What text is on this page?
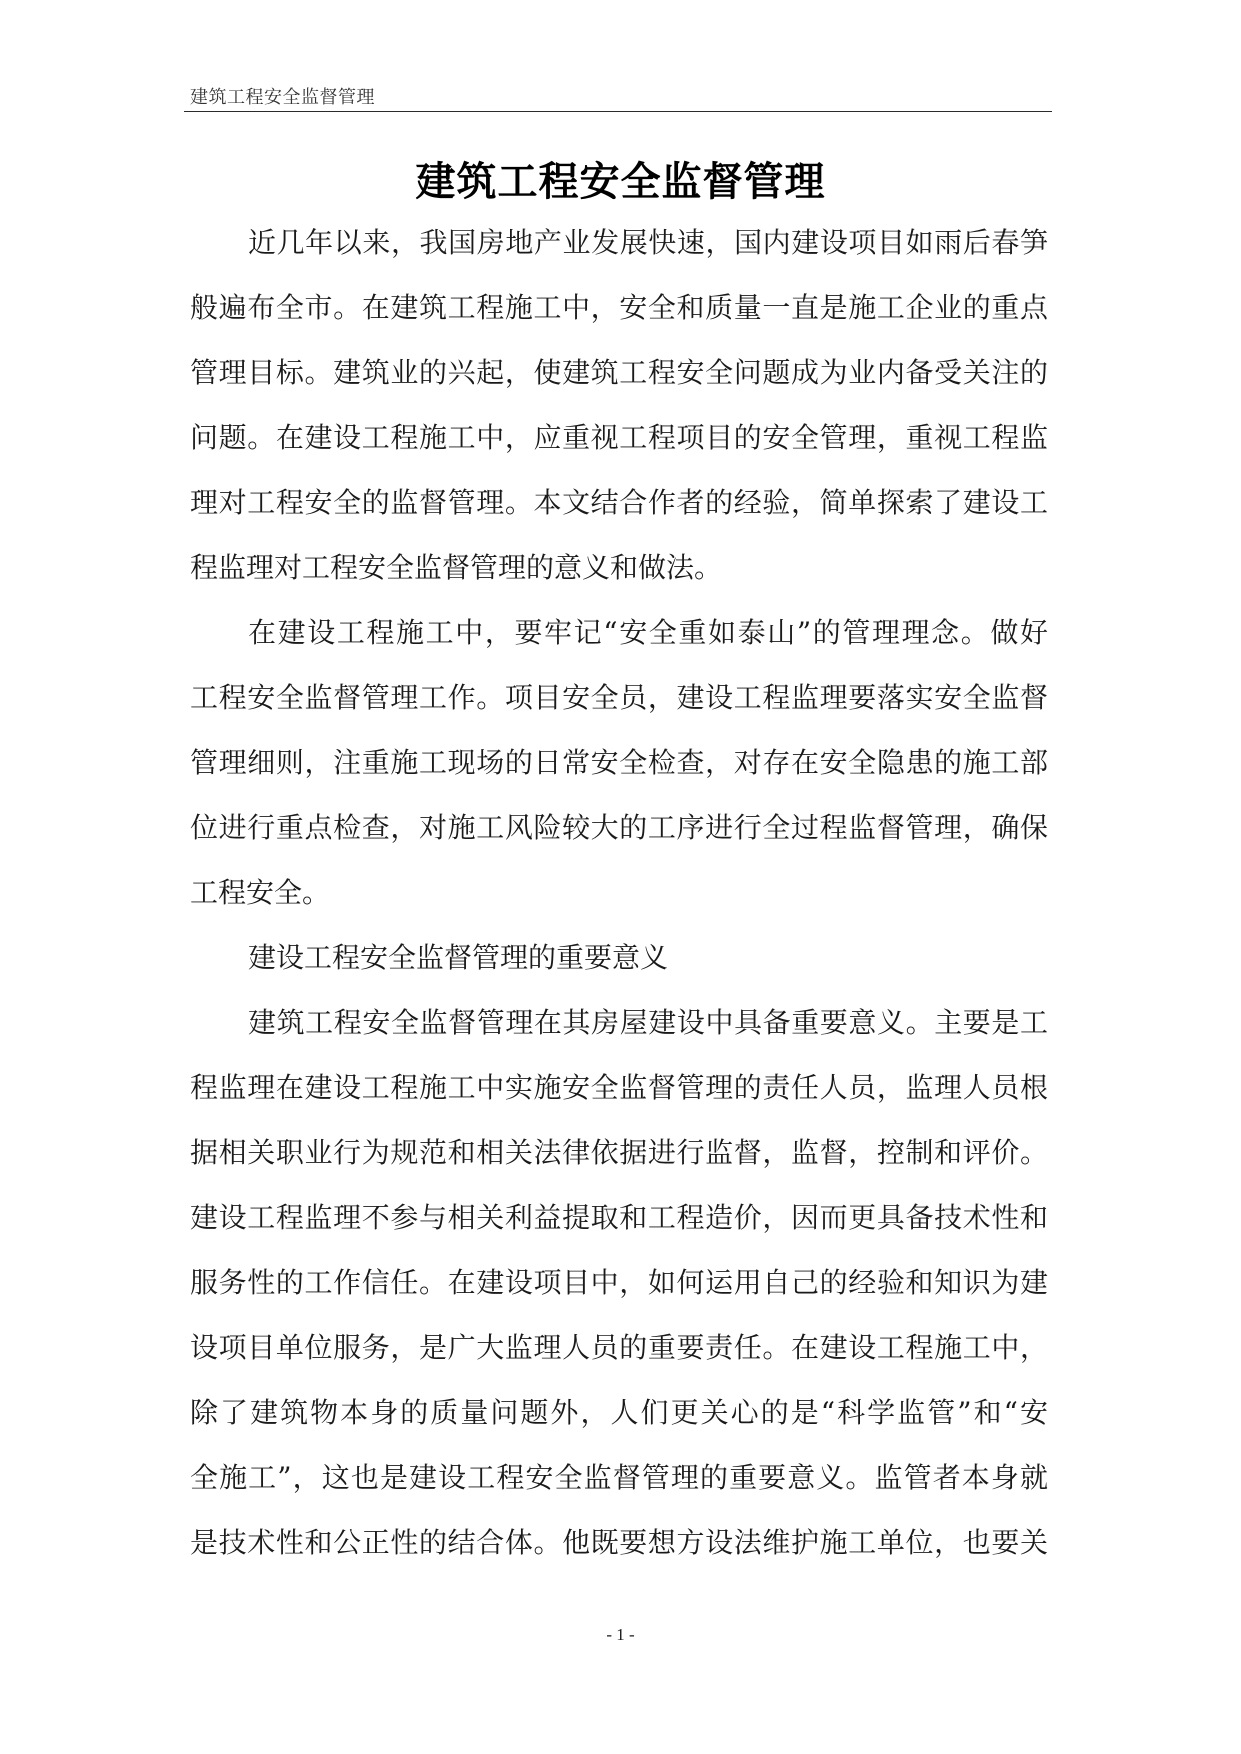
建筑工程安全监督管理
建筑工程安全监督管理
近几年以来，我国房地产业发展快速，国内建设项目如雨后春笋
般遍布全市。在建筑工程施工中，安全和质量一直是施工企业的重点
管理目标。建筑业的兴起，使建筑工程安全问题成为业内备受关注的
问题。在建设工程施工中，应重视工程项目的安全管理，重视工程监
理对工程安全的监督管理。本文结合作者的经验，简单探索了建设工
程监理对工程安全监督管理的意义和做法。
在建设工程施工中，要牢记“安全重如泰山”的管理理念。做好
工程安全监督管理工作。项目安全员，建设工程监理要落实安全监督
管理细则，注重施工现场的日常安全检查，对存在安全隐患的施工部
位进行重点检查，对施工风险较大的工序进行全过程监督管理，确保
工程安全。
建设工程安全监督管理的重要意义
建筑工程安全监督管理在其房屋建设中具备重要意义。主要是工
程监理在建设工程施工中实施安全监督管理的责任人员，监理人员根
据相关职业行为规范和相关法律依据进行监督，监督，控制和评价。
建设工程监理不参与相关利益提取和工程造价，因而更具备技术性和
服务性的工作信任。在建设项目中，如何运用自己的经验和知识为建
设项目单位服务，是广大监理人员的重要责任。在建设工程施工中，
除了建筑物本身的质量问题外，人们更关心的是“科学监管”和“安
全施工”，这也是建设工程安全监督管理的重要意义。监管者本身就
是技术性和公正性的结合体。他既要想方设法维护施工单位，也要关
- 1 -
